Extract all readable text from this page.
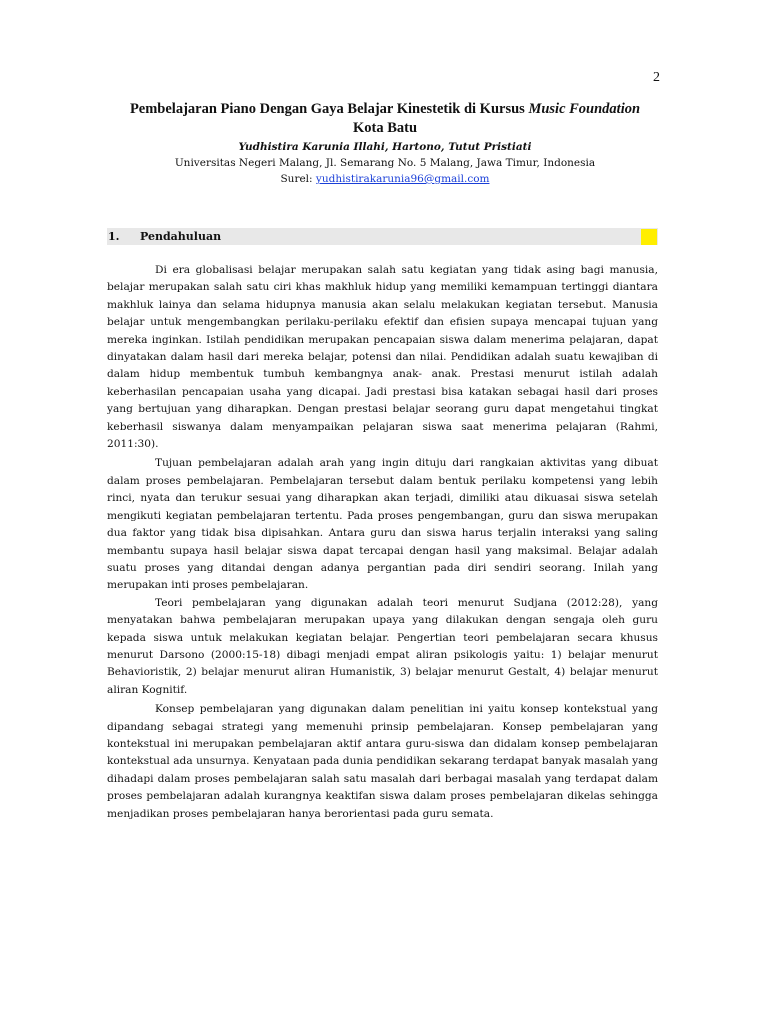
2
Pembelajaran Piano Dengan Gaya Belajar Kinestetik di Kursus Music Foundation
Kota Batu
Yudhistira Karunia Illahi, Hartono, Tutut Pristiati
Universitas Negeri Malang, Jl. Semarang No. 5 Malang, Jawa Timur, Indonesia
Surel: yudhistirakarunia96@gmail.com
1. Pendahuluan

Di era globalisasi belajar merupakan salah satu kegiatan yang tidak asing bagi manusia, belajar merupakan salah satu ciri khas makhluk hidup yang memiliki kemampuan tertinggi diantara makhluk lainya dan selama hidupnya manusia akan selalu melakukan kegiatan tersebut. Manusia belajar untuk mengembangkan perilaku-perilaku efektif dan efisien supaya mencapai tujuan yang mereka inginkan. Istilah pendidikan merupakan pencapaian siswa dalam menerima pelajaran, dapat dinyatakan dalam hasil dari mereka belajar, potensi dan nilai. Pendidikan adalah suatu kewajiban di dalam hidup membentuk tumbuh kembangnya anak- anak. Prestasi menurut istilah adalah keberhasilan pencapaian usaha yang dicapai. Jadi prestasi bisa katakan sebagai hasil dari proses yang bertujuan yang diharapkan. Dengan prestasi belajar seorang guru dapat mengetahui tingkat keberhasil siswanya dalam menyampaikan pelajaran siswa saat menerima pelajaran (Rahmi, 2011:30).

Tujuan pembelajaran adalah arah yang ingin dituju dari rangkaian aktivitas yang dibuat dalam proses pembelajaran. Pembelajaran tersebut dalam bentuk perilaku kompetensi yang lebih rinci, nyata dan terukur sesuai yang diharapkan akan terjadi, dimiliki atau dikuasai siswa setelah mengikuti kegiatan pembelajaran tertentu. Pada proses pengembangan, guru dan siswa merupakan dua faktor yang tidak bisa dipisahkan. Antara guru dan siswa harus terjalin interaksi yang saling membantu supaya hasil belajar siswa dapat tercapai dengan hasil yang maksimal. Belajar adalah suatu proses yang ditandai dengan adanya pergantian pada diri sendiri seorang. Inilah yang merupakan inti proses pembelajaran.

Teori pembelajaran yang digunakan adalah teori menurut Sudjana (2012:28), yang menyatakan bahwa pembelajaran merupakan upaya yang dilakukan dengan sengaja oleh guru kepada siswa untuk melakukan kegiatan belajar. Pengertian teori pembelajaran secara khusus menurut Darsono (2000:15-18) dibagi menjadi empat aliran psikologis yaitu: 1) belajar menurut Behavioristik, 2) belajar menurut aliran Humanistik, 3) belajar menurut Gestalt, 4) belajar menurut aliran Kognitif.

Konsep pembelajaran yang digunakan dalam penelitian ini yaitu konsep kontekstual yang dipandang sebagai strategi yang memenuhi prinsip pembelajaran. Konsep pembelajaran yang kontekstual ini merupakan pembelajaran aktif antara guru-siswa dan didalam konsep pembelajaran kontekstual ada unsurnya. Kenyataan pada dunia pendidikan sekarang terdapat banyak masalah yang dihadapi dalam proses pembelajaran salah satu masalah dari berbagai masalah yang terdapat dalam proses pembelajaran adalah kurangnya keaktifan siswa dalam proses pembelajaran dikelas sehingga menjadikan proses pembelajaran hanya berorientasi pada guru semata.
